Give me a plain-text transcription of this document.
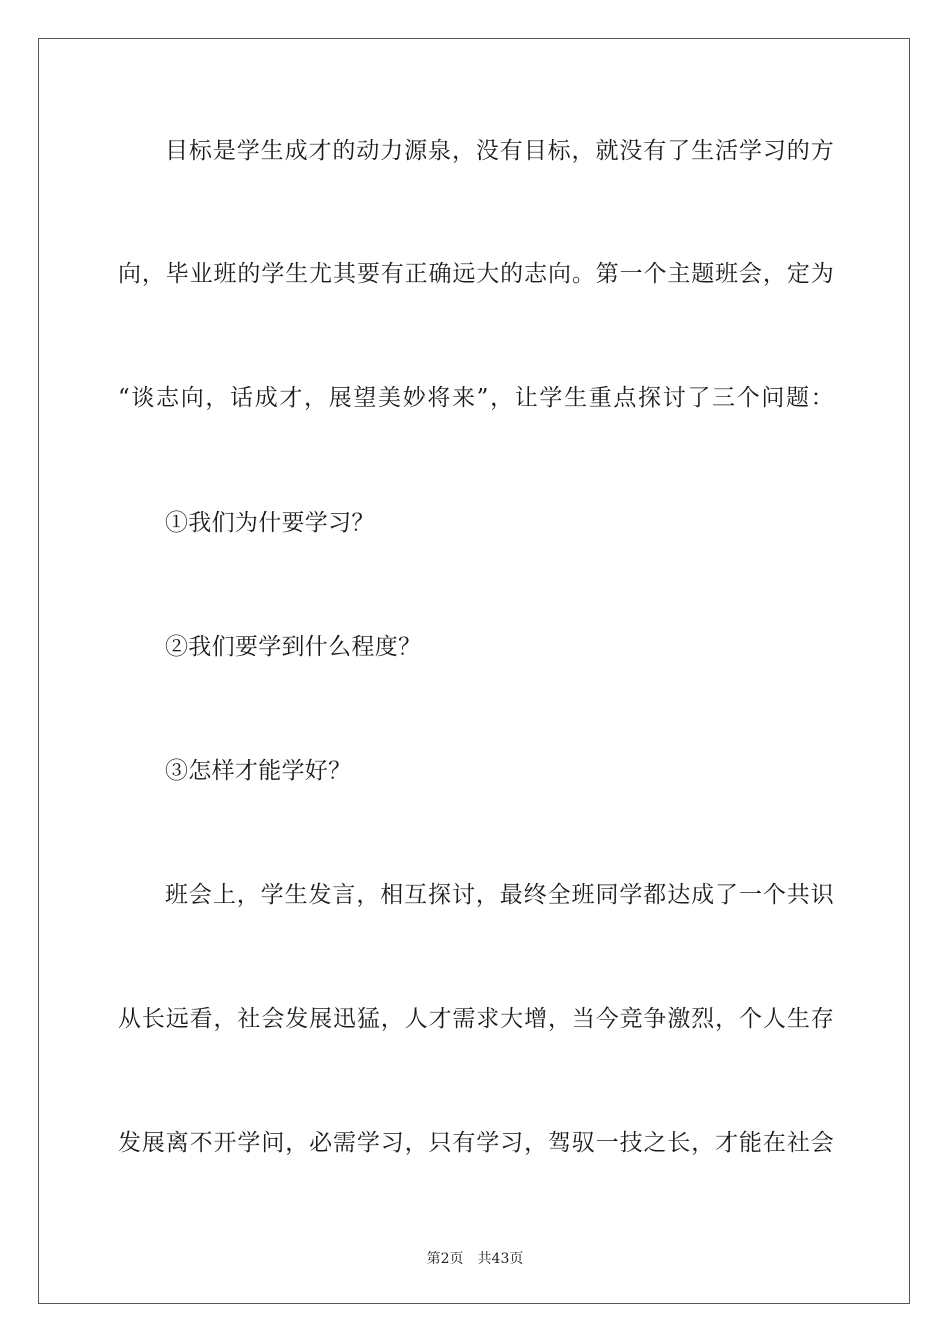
目标是学生成才的动力源泉，没有目标，就没有了生活学习的方
向，毕业班的学生尤其要有正确远大的志向。第一个主题班会，定为
“谈志向，话成才，展望美妙将来”，让学生重点探讨了三个问题：
①我们为什要学习？
②我们要学到什么程度？
③怎样才能学好？
班会上，学生发言，相互探讨，最终全班同学都达成了一个共识
从长远看，社会发展迅猛，人才需求大增，当今竞争激烈，个人生存
发展离不开学问，必需学习，只有学习，驾驭一技之长，才能在社会
第2页 共43页
